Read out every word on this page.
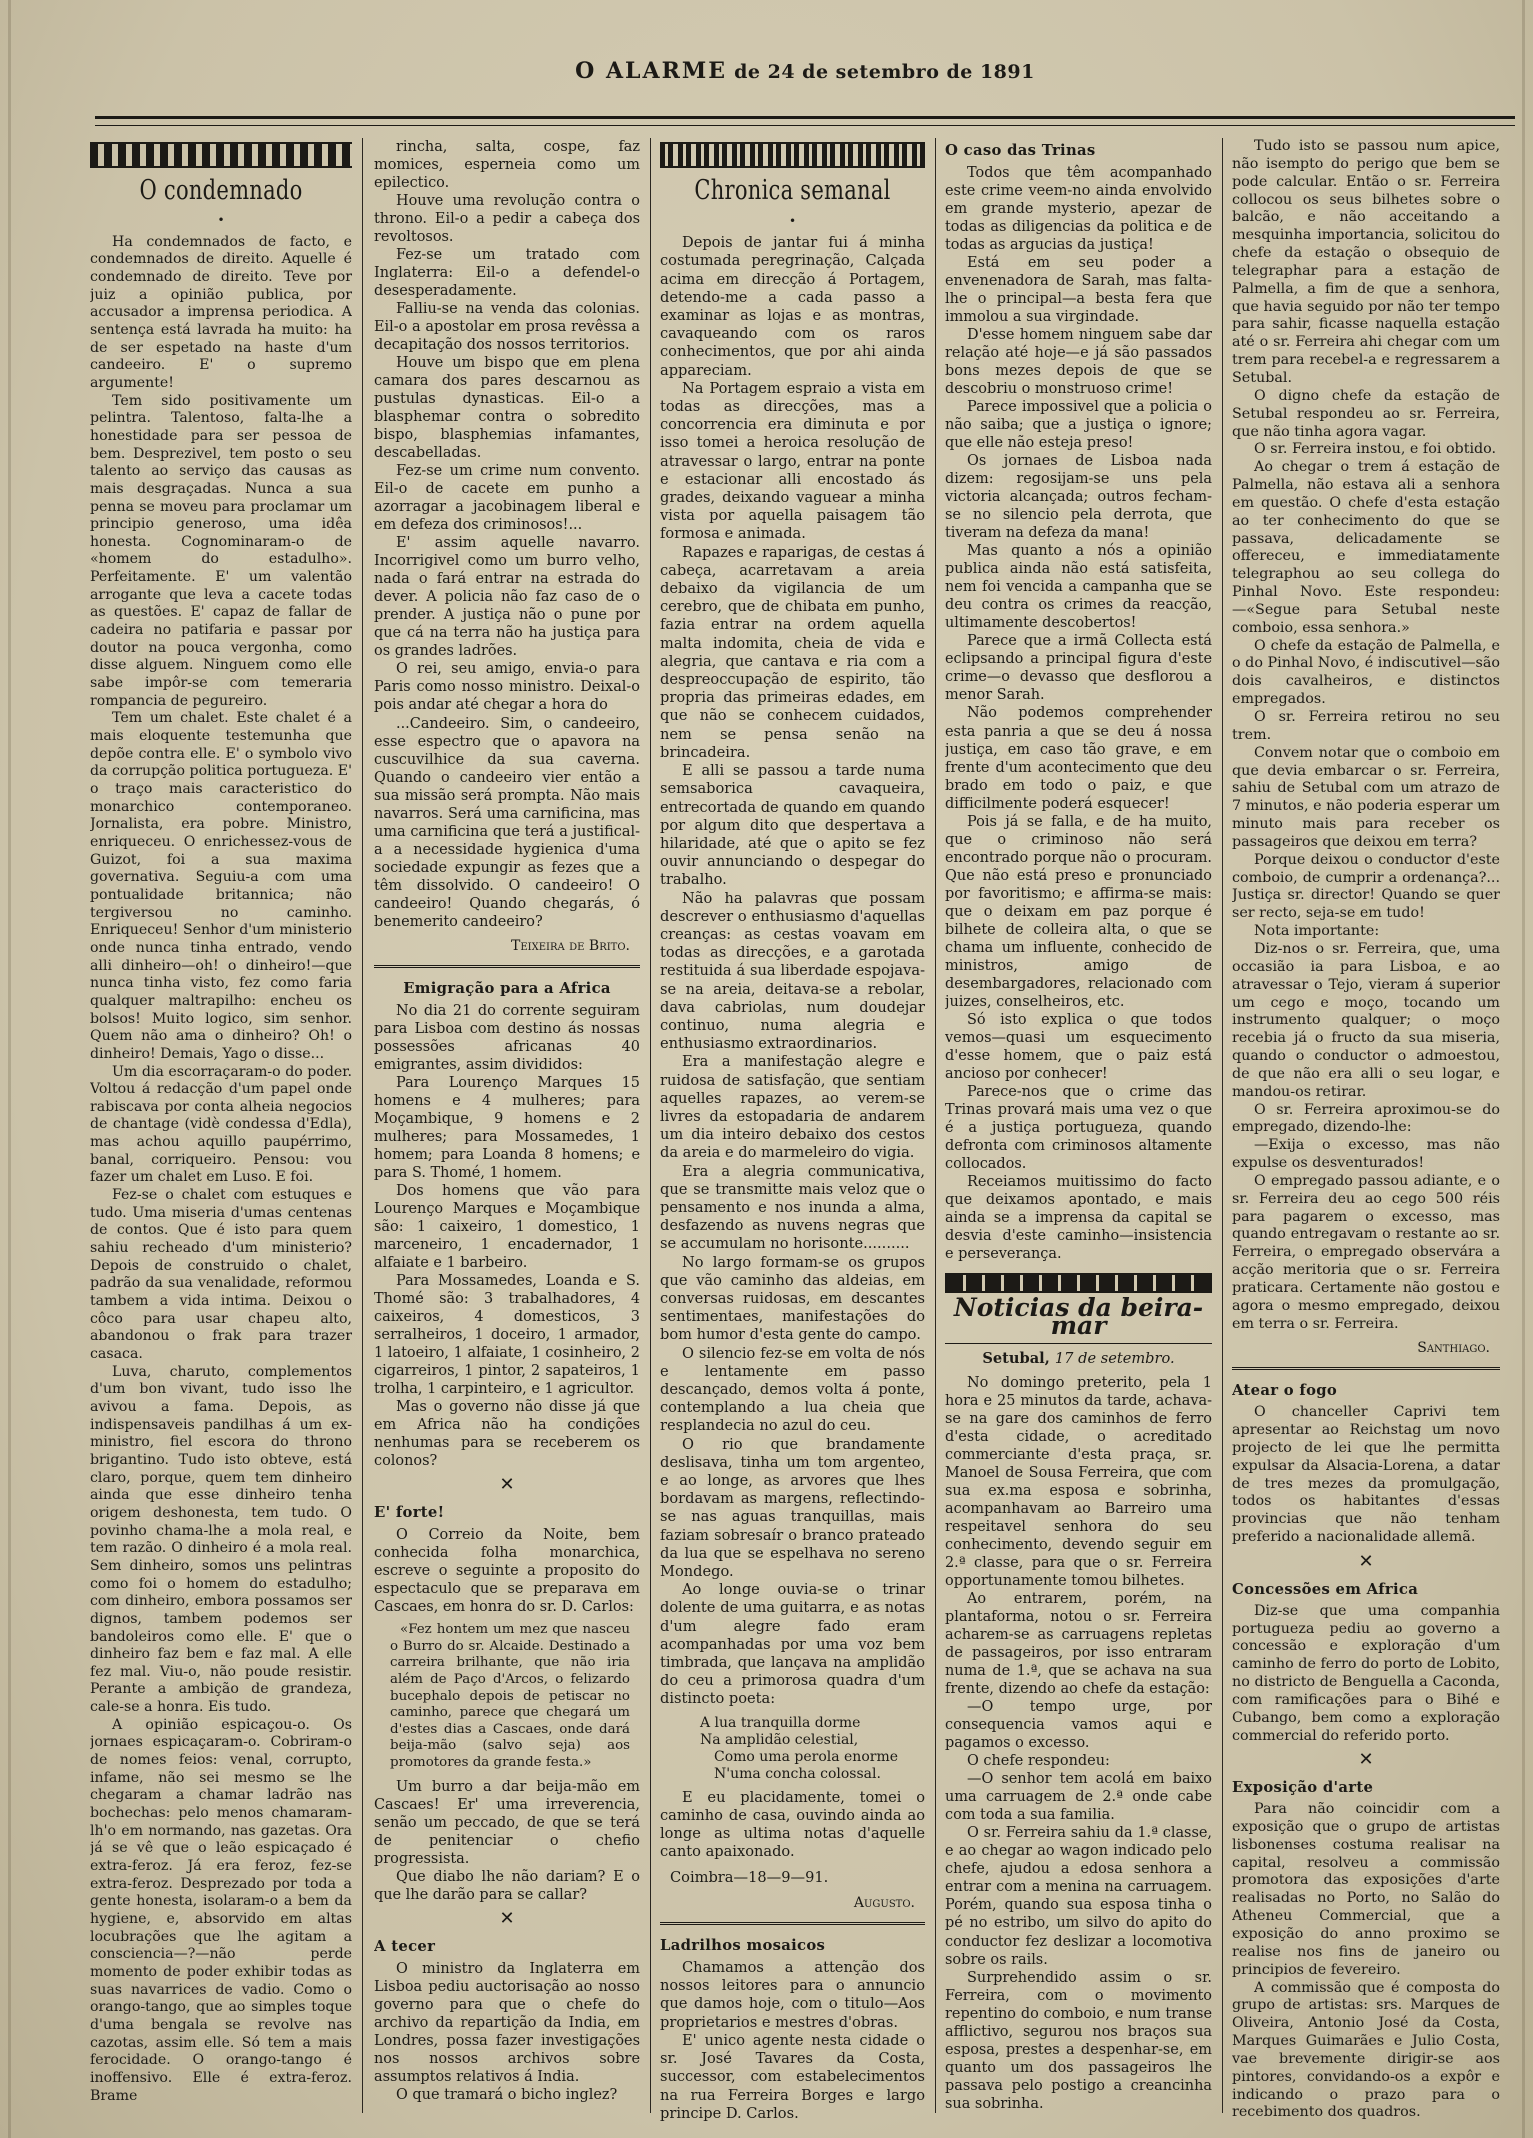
O ALARME de 24 de setembro de 1891
O condemnado
•

Ha condemnados de facto, e condemnados de direito. Aquelle é condemnado de direito. Teve por juiz a opinião publica, por accusador a imprensa periodica. A sentença está lavrada ha muito: ha de ser espetado na haste d'um candeeiro. E' o supremo argumente!

Tem sido positivamente um pelintra. Talentoso, falta-lhe a honestidade para ser pessoa de bem. Desprezivel, tem posto o seu talento ao serviço das causas as mais desgraçadas. Nunca a sua penna se moveu para proclamar um principio generoso, uma idêa honesta. Cognominaram-o de «homem do estadulho». Perfeitamente. E' um valentão arrogante que leva a cacete todas as questões. E' capaz de fallar de cadeira no patifaria e passar por doutor na pouca vergonha, como disse alguem. Ninguem como elle sabe impôr-se com temeraria rompancia de pegureiro.

Tem um chalet. Este chalet é a mais eloquente testemunha que depõe contra elle. E' o symbolo vivo da corrupção politica portugueza. E' o traço mais caracteristico do monarchico contemporaneo. Jornalista, era pobre. Ministro, enriqueceu. O enrichessez-vous de Guizot, foi a sua maxima governativa. Seguiu-a com uma pontualidade britannica; não tergiversou no caminho. Enriqueceu! Senhor d'um ministerio onde nunca tinha entrado, vendo alli dinheiro—oh! o dinheiro!—que nunca tinha visto, fez como faria qualquer maltrapilho: encheu os bolsos! Muito logico, sim senhor. Quem não ama o dinheiro? Oh! o dinheiro! Demais, Yago o disse...

Um dia escorraçaram-o do poder. Voltou á redacção d'um papel onde rabiscava por conta alheia negocios de chantage (vidè condessa d'Edla), mas achou aquillo paupérrimo, banal, corriqueiro. Pensou: vou fazer um chalet em Luso. E foi.

Fez-se o chalet com estuques e tudo. Uma miseria d'umas centenas de contos. Que é isto para quem sahiu recheado d'um ministerio? Depois de construido o chalet, padrão da sua venalidade, reformou tambem a vida intima. Deixou o côco para usar chapeu alto, abandonou o frak para trazer casaca.

Luva, charuto, complementos d'um bon vivant, tudo isso lhe avivou a fama. Depois, as indispensaveis pandilhas á um ex-ministro, fiel escora do throno brigantino. Tudo isto obteve, está claro, porque, quem tem dinheiro ainda que esse dinheiro tenha origem deshonesta, tem tudo. O povinho chama-lhe a mola real, e tem razão. O dinheiro é a mola real. Sem dinheiro, somos uns pelintras como foi o homem do estadulho; com dinheiro, embora possamos ser dignos, tambem podemos ser bandoleiros como elle. E' que o dinheiro faz bem e faz mal. A elle fez mal. Viu-o, não poude resistir. Perante a ambição de grandeza, cale-se a honra. Eis tudo.

A opinião espicaçou-o. Os jornaes espicaçaram-o. Cobriram-o de nomes feios: venal, corrupto, infame, não sei mesmo se lhe chegaram a chamar ladrão nas bochechas: pelo menos chamaram-lh'o em normando, nas gazetas. Ora já se vê que o leão espicaçado é extra-feroz. Já era feroz, fez-se extra-feroz. Desprezado por toda a gente honesta, isolaram-o a bem da hygiene, e, absorvido em altas locubrações que lhe agitam a consciencia—?—não perde momento de poder exhibir todas as suas navarrices de vadio. Como o orango-tango, que ao simples toque d'uma bengala se revolve nas cazotas, assim elle. Só tem a mais ferocidade. O orango-tango é inoffensivo. Elle é extra-feroz. Brame

rincha, salta, cospe, faz momices, esperneia como um epilectico.

Houve uma revolução contra o throno. Eil-o a pedir a cabeça dos revoltosos.

Fez-se um tratado com Inglaterra: Eil-o a defendel-o desesperadamente.

Falliu-se na venda das colonias. Eil-o a apostolar em prosa revêssa a decapitação dos nossos territorios.

Houve um bispo que em plena camara dos pares descarnou as pustulas dynasticas. Eil-o a blasphemar contra o sobredito bispo, blasphemias infamantes, descabelladas.

Fez-se um crime num convento. Eil-o de cacete em punho a azorragar a jacobinagem liberal e em defeza dos criminosos!...

E' assim aquelle navarro. Incorrigivel como um burro velho, nada o fará entrar na estrada do dever. A policia não faz caso de o prender. A justiça não o pune por que cá na terra não ha justiça para os grandes ladrões.

O rei, seu amigo, envia-o para Paris como nosso ministro. Deixal-o pois andar até chegar a hora do

...Candeeiro. Sim, o candeeiro, esse espectro que o apavora na cuscuvilhice da sua caverna. Quando o candeeiro vier então a sua missão será prompta. Não mais navarros. Será uma carnificina, mas uma carnificina que terá a justifical-a a necessidade hygienica d'uma sociedade expungir as fezes que a têm dissolvido. O candeeiro! O candeeiro! Quando chegarás, ó benemerito candeeiro?

Teixeira de Brito.
Emigração para a Africa

No dia 21 do corrente seguiram para Lisboa com destino ás nossas possessões africanas 40 emigrantes, assim divididos:

Para Lourenço Marques 15 homens e 4 mulheres; para Moçambique, 9 homens e 2 mulheres; para Mossamedes, 1 homem; para Loanda 8 homens; e para S. Thomé, 1 homem.

Dos homens que vão para Lourenço Marques e Moçambique são: 1 caixeiro, 1 domestico, 1 marceneiro, 1 encadernador, 1 alfaiate e 1 barbeiro.

Para Mossamedes, Loanda e S. Thomé são: 3 trabalhadores, 4 caixeiros, 4 domesticos, 3 serralheiros, 1 doceiro, 1 armador, 1 latoeiro, 1 alfaiate, 1 cosinheiro, 2 cigarreiros, 1 pintor, 2 sapateiros, 1 trolha, 1 carpinteiro, e 1 agricultor.

Mas o governo não disse já que em Africa não ha condições nenhumas para se receberem os colonos?

✕
E' forte!

O Correio da Noite, bem conhecida folha monarchica, escreve o seguinte a proposito do espectaculo que se preparava em Cascaes, em honra do sr. D. Carlos:

«Fez hontem um mez que nasceu o Burro do sr. Alcaide. Destinado a carreira brilhante, que não iria além de Paço d'Arcos, o felizardo bucephalo depois de petiscar no caminho, parece que chegará um d'estes dias a Cascaes, onde dará beija-mão (salvo seja) aos promotores da grande festa.»

Um burro a dar beija-mão em Cascaes! Er' uma irreverencia, senão um peccado, de que se terá de penitenciar o chefio progressista.

Que diabo lhe não dariam? E o que lhe darão para se callar?

✕
A tecer

O ministro da Inglaterra em Lisboa pediu auctorisação ao nosso governo para que o chefe do archivo da repartição da India, em Londres, possa fazer investigações nos nossos archivos sobre assumptos relativos á India.

O que tramará o bicho inglez?

Chronica semanal
•

Depois de jantar fui á minha costumada peregrinação, Calçada acima em direcção á Portagem, detendo-me a cada passo a examinar as lojas e as montras, cavaqueando com os raros conhecimentos, que por ahi ainda appareciam.

Na Portagem espraio a vista em todas as direcções, mas a concorrencia era diminuta e por isso tomei a heroica resolução de atravessar o largo, entrar na ponte e estacionar alli encostado ás grades, deixando vaguear a minha vista por aquella paisagem tão formosa e animada.

Rapazes e raparigas, de cestas á cabeça, acarretavam a areia debaixo da vigilancia de um cerebro, que de chibata em punho, fazia entrar na ordem aquella malta indomita, cheia de vida e alegria, que cantava e ria com a despreoccupação de espirito, tão propria das primeiras edades, em que não se conhecem cuidados, nem se pensa senão na brincadeira.

E alli se passou a tarde numa semsaborica cavaqueira, entrecortada de quando em quando por algum dito que despertava a hilaridade, até que o apito se fez ouvir annunciando o despegar do trabalho.

Não ha palavras que possam descrever o enthusiasmo d'aquellas creanças: as cestas voavam em todas as direcções, e a garotada restituida á sua liberdade espojava-se na areia, deitava-se a rebolar, dava cabriolas, num doudejar continuo, numa alegria e enthusiasmo extraordinarios.

Era a manifestação alegre e ruidosa de satisfação, que sentiam aquelles rapazes, ao verem-se livres da estopadaria de andarem um dia inteiro debaixo dos cestos da areia e do marmeleiro do vigia.

Era a alegria communicativa, que se transmitte mais veloz que o pensamento e nos inunda a alma, desfazendo as nuvens negras que se accumulam no horisonte..........

No largo formam-se os grupos que vão caminho das aldeias, em conversas ruidosas, em descantes sentimentaes, manifestações do bom humor d'esta gente do campo.

O silencio fez-se em volta de nós e lentamente em passo descançado, demos volta á ponte, contemplando a lua cheia que resplandecia no azul do ceu.

O rio que brandamente deslisava, tinha um tom argenteo, e ao longe, as arvores que lhes bordavam as margens, reflectindo-se nas aguas tranquillas, mais faziam sobresaír o branco prateado da lua que se espelhava no sereno Mondego.

Ao longe ouvia-se o trinar dolente de uma guitarra, e as notas d'um alegre fado eram acompanhadas por uma voz bem timbrada, que lançava na amplidão do ceu a primorosa quadra d'um distincto poeta:

A lua tranquilla dorme
Na amplidão celestial,
Como uma perola enorme
N'uma concha colossal.

E eu placidamente, tomei o caminho de casa, ouvindo ainda ao longe as ultima notas d'aquelle canto apaixonado.

Coimbra—18—9—91.
Augusto.
Ladrilhos mosaicos

Chamamos a attenção dos nossos leitores para o annuncio que damos hoje, com o titulo—Aos proprietarios e mestres d'obras.

E' unico agente nesta cidade o sr. José Tavares da Costa, successor, com estabelecimentos na rua Ferreira Borges e largo principe D. Carlos.

O caso das Trinas

Todos que têm acompanhado este crime veem-no ainda envolvido em grande mysterio, apezar de todas as diligencias da politica e de todas as argucias da justiça!

Está em seu poder a envenenadora de Sarah, mas falta-lhe o principal—a besta fera que immolou a sua virgindade.

D'esse homem ninguem sabe dar relação até hoje—e já são passados bons mezes depois de que se descobriu o monstruoso crime!

Parece impossivel que a policia o não saiba; que a justiça o ignore; que elle não esteja preso!

Os jornaes de Lisboa nada dizem: regosijam-se uns pela victoria alcançada; outros fecham-se no silencio pela derrota, que tiveram na defeza da mana!

Mas quanto a nós a opinião publica ainda não está satisfeita, nem foi vencida a campanha que se deu contra os crimes da reacção, ultimamente descobertos!

Parece que a irmã Collecta está eclipsando a principal figura d'este crime—o devasso que desflorou a menor Sarah.

Não podemos comprehender esta panria a que se deu á nossa justiça, em caso tão grave, e em frente d'um acontecimento que deu brado em todo o paiz, e que difficilmente poderá esquecer!

Pois já se falla, e de ha muito, que o criminoso não será encontrado porque não o procuram. Que não está preso e pronunciado por favoritismo; e affirma-se mais: que o deixam em paz porque é bilhete de colleira alta, o que se chama um influente, conhecido de ministros, amigo de desembargadores, relacionado com juizes, conselheiros, etc.

Só isto explica o que todos vemos—quasi um esquecimento d'esse homem, que o paiz está ancioso por conhecer!

Parece-nos que o crime das Trinas provará mais uma vez o que é a justiça portugueza, quando defronta com criminosos altamente collocados.

Receiamos muitissimo do facto que deixamos apontado, e mais ainda se a imprensa da capital se desvia d'este caminho—insistencia e perseverança.

Noticias da beira-mar
Setubal, 17 de setembro.

No domingo preterito, pela 1 hora e 25 minutos da tarde, achava-se na gare dos caminhos de ferro d'esta cidade, o acreditado commerciante d'esta praça, sr. Manoel de Sousa Ferreira, que com sua ex.ma esposa e sobrinha, acompanhavam ao Barreiro uma respeitavel senhora do seu conhecimento, devendo seguir em 2.ª classe, para que o sr. Ferreira opportunamente tomou bilhetes.

Ao entrarem, porém, na plantaforma, notou o sr. Ferreira acharem-se as carruagens repletas de passageiros, por isso entraram numa de 1.ª, que se achava na sua frente, dizendo ao chefe da estação:

—O tempo urge, por consequencia vamos aqui e pagamos o excesso.

O chefe respondeu:

—O senhor tem acolá em baixo uma carruagem de 2.ª onde cabe com toda a sua familia.

O sr. Ferreira sahiu da 1.ª classe, e ao chegar ao wagon indicado pelo chefe, ajudou a edosa senhora a entrar com a menina na carruagem. Porém, quando sua esposa tinha o pé no estribo, um silvo do apito do conductor fez deslizar a locomotiva sobre os rails.

Surprehendido assim o sr. Ferreira, com o movimento repentino do comboio, e num transe afflictivo, segurou nos braços sua esposa, prestes a despenhar-se, em quanto um dos passageiros lhe passava pelo postigo a creancinha sua sobrinha.

Tudo isto se passou num apice, não isempto do perigo que bem se pode calcular. Então o sr. Ferreira collocou os seus bilhetes sobre o balcão, e não acceitando a mesquinha importancia, solicitou do chefe da estação o obsequio de telegraphar para a estação de Palmella, a fim de que a senhora, que havia seguido por não ter tempo para sahir, ficasse naquella estação até o sr. Ferreira ahi chegar com um trem para recebel-a e regressarem a Setubal.

O digno chefe da estação de Setubal respondeu ao sr. Ferreira, que não tinha agora vagar.

O sr. Ferreira instou, e foi obtido.

Ao chegar o trem á estação de Palmella, não estava ali a senhora em questão. O chefe d'esta estação ao ter conhecimento do que se passava, delicadamente se offereceu, e immediatamente telegraphou ao seu collega do Pinhal Novo. Este respondeu:—«Segue para Setubal neste comboio, essa senhora.»

O chefe da estação de Palmella, e o do Pinhal Novo, é indiscutivel—são dois cavalheiros, e distinctos empregados.

O sr. Ferreira retirou no seu trem.

Convem notar que o comboio em que devia embarcar o sr. Ferreira, sahiu de Setubal com um atrazo de 7 minutos, e não poderia esperar um minuto mais para receber os passageiros que deixou em terra?

Porque deixou o conductor d'este comboio, de cumprir a ordenança?... Justiça sr. director! Quando se quer ser recto, seja-se em tudo!

Nota importante:

Diz-nos o sr. Ferreira, que, uma occasião ia para Lisboa, e ao atravessar o Tejo, vieram á superior um cego e moço, tocando um instrumento qualquer; o moço recebia já o fructo da sua miseria, quando o conductor o admoestou, de que não era alli o seu logar, e mandou-os retirar.

O sr. Ferreira aproximou-se do empregado, dizendo-lhe:

—Exija o excesso, mas não expulse os desventurados!

O empregado passou adiante, e o sr. Ferreira deu ao cego 500 réis para pagarem o excesso, mas quando entregavam o restante ao sr. Ferreira, o empregado observára a acção meritoria que o sr. Ferreira praticara. Certamente não gostou e agora o mesmo empregado, deixou em terra o sr. Ferreira.

Santhiago.
Atear o fogo

O chanceller Caprivi tem apresentar ao Reichstag um novo projecto de lei que lhe permitta expulsar da Alsacia-Lorena, a datar de tres mezes da promulgação, todos os habitantes d'essas provincias que não tenham preferido a nacionalidade allemã.

✕
Concessões em Africa

Diz-se que uma companhia portugueza pediu ao governo a concessão e exploração d'um caminho de ferro do porto de Lobito, no districto de Benguella a Caconda, com ramificações para o Bihé e Cubango, bem como a exploração commercial do referido porto.

✕
Exposição d'arte

Para não coincidir com a exposição que o grupo de artistas lisbonenses costuma realisar na capital, resolveu a commissão promotora das exposições d'arte realisadas no Porto, no Salão do Atheneu Commercial, que a exposição do anno proximo se realise nos fins de janeiro ou principios de fevereiro.

A commissão que é composta do grupo de artistas: srs. Marques de Oliveira, Antonio José da Costa, Marques Guimarães e Julio Costa, vae brevemente dirigir-se aos pintores, convidando-os a expôr e indicando o prazo para o recebimento dos quadros.
